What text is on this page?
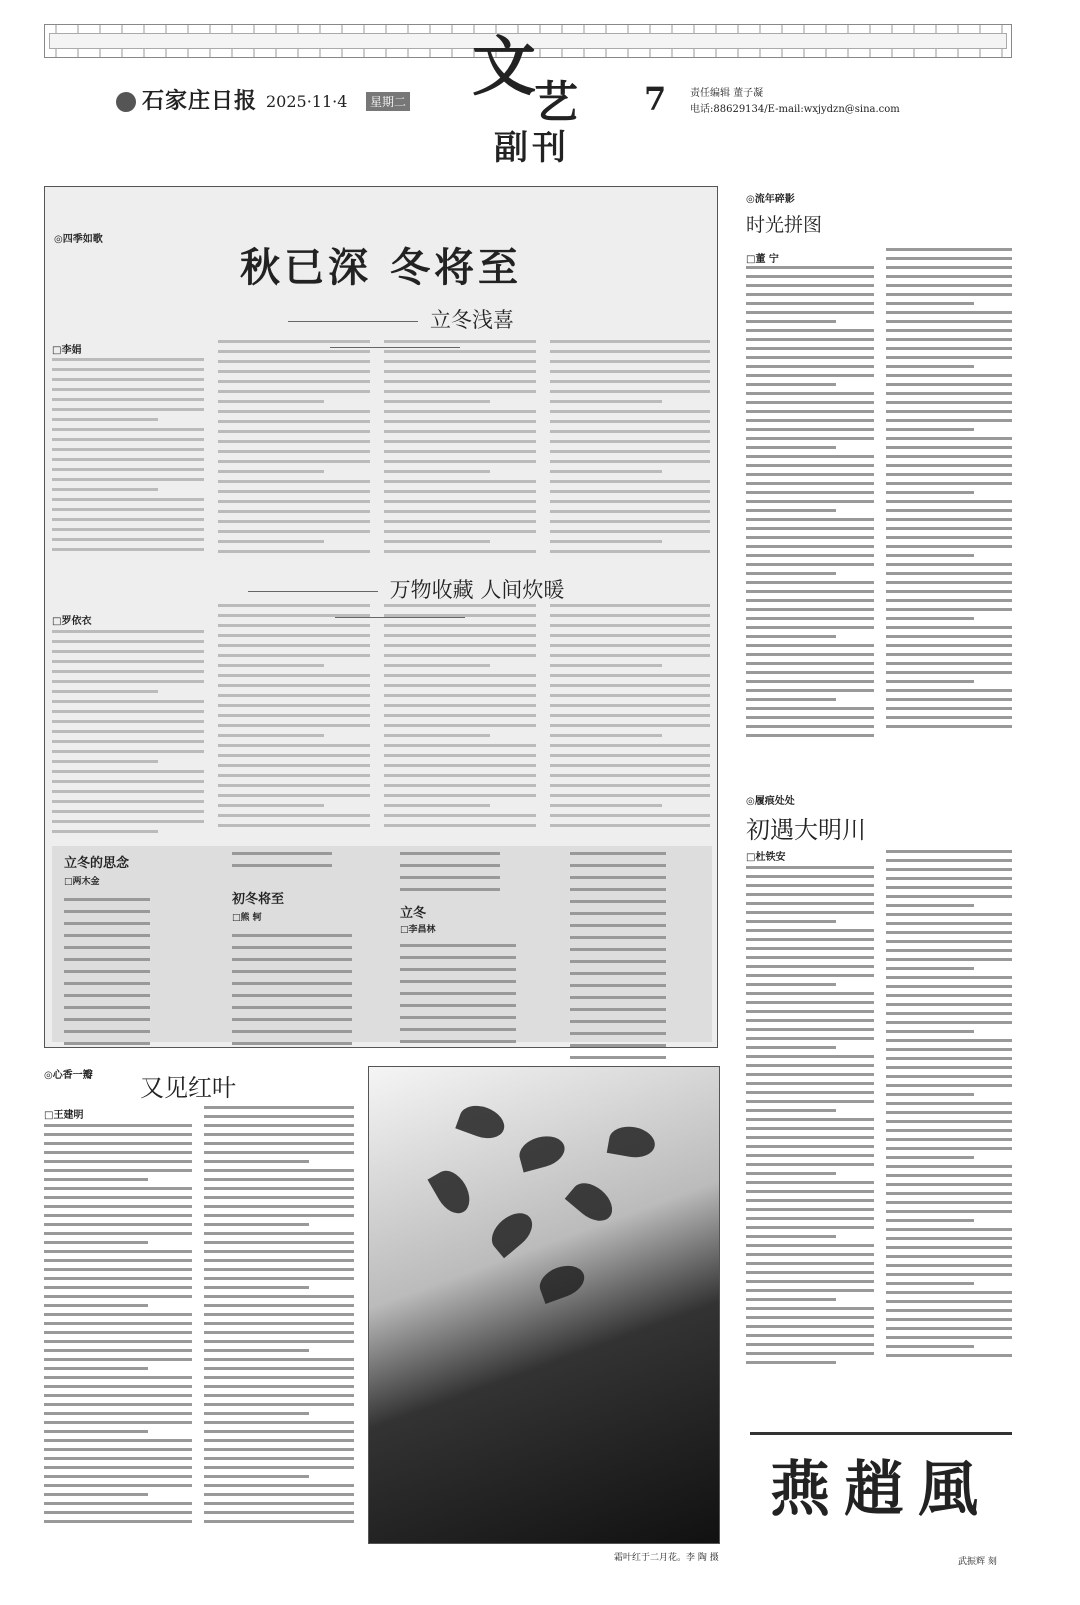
石家庄日报 2025·11·4	星期二 文
艺
副刊
7 责任编辑 董子凝
电话:88629134/E-mail:wxjydzn@sina.com
◎四季如歌
秋已深 冬将至
立冬浅喜
□李娟
万物收藏 人间炊暖
□罗依衣
立冬的思念
□两木金
初冬将至
□熊 轲	立冬
□李昌林
◎流年碎影
时光拼图
□董 宁
◎履痕处处
初遇大明川
□杜铁安
◎心香一瓣 又见红叶
□王建明
霜叶红于二月花。李 陶 摄
燕趙風
武振辉 刻
